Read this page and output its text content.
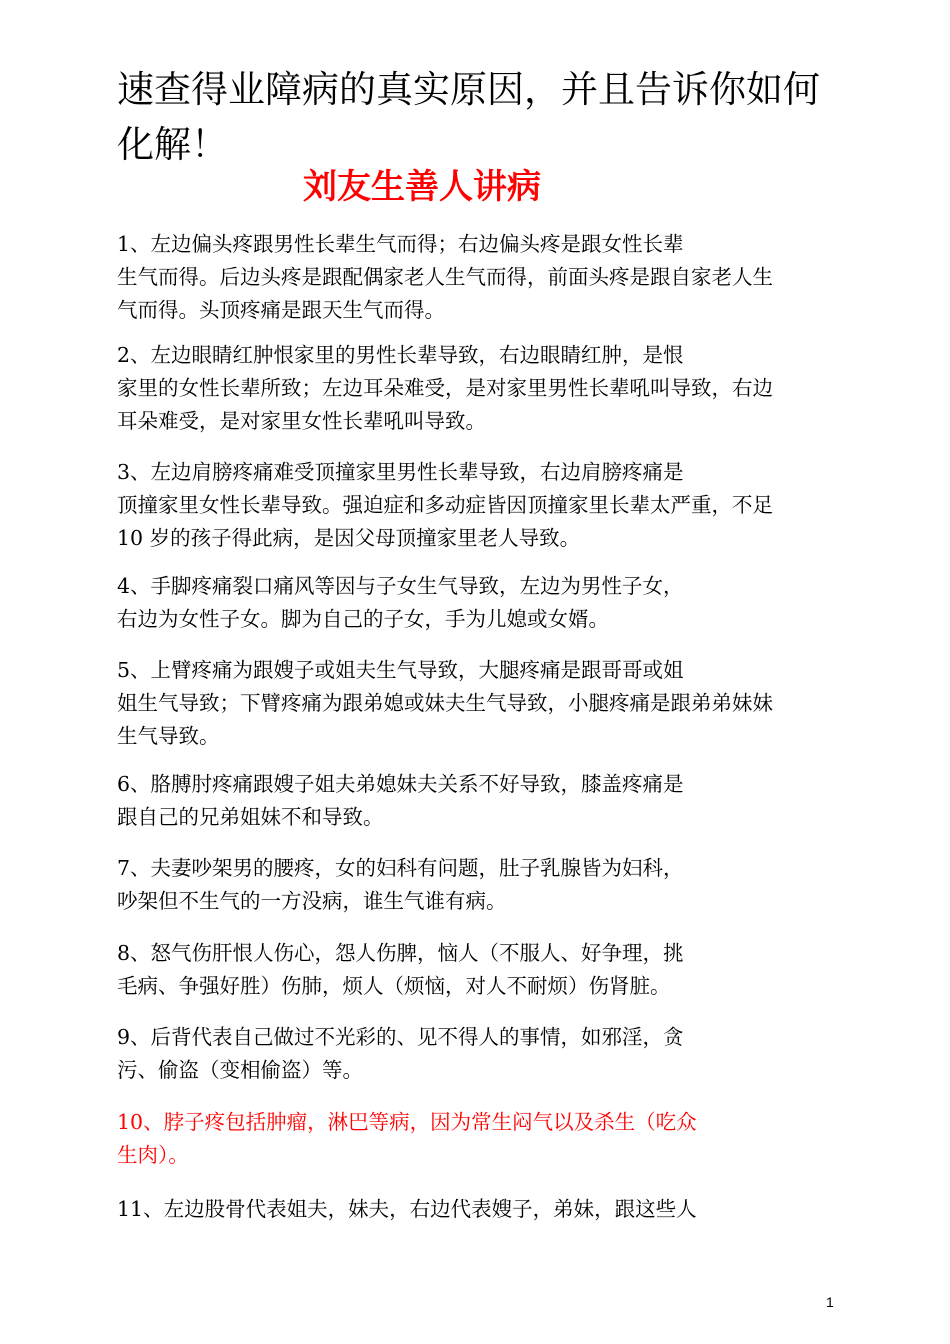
速查得业障病的真实原因，并且告诉你如何
化解！
刘友生善人讲病
1、左边偏头疼跟男性长辈生气而得；右边偏头疼是跟女性长辈
生气而得。后边头疼是跟配偶家老人生气而得，前面头疼是跟自家老人生
气而得。头顶疼痛是跟天生气而得。
2、左边眼睛红肿恨家里的男性长辈导致，右边眼睛红肿，是恨
家里的女性长辈所致；左边耳朵难受，是对家里男性长辈吼叫导致，右边
耳朵难受，是对家里女性长辈吼叫导致。
3、左边肩膀疼痛难受顶撞家里男性长辈导致，右边肩膀疼痛是
顶撞家里女性长辈导致。强迫症和多动症皆因顶撞家里长辈太严重，不足
10 岁的孩子得此病，是因父母顶撞家里老人导致。
4、手脚疼痛裂口痛风等因与子女生气导致，左边为男性子女，
右边为女性子女。脚为自己的子女，手为儿媳或女婿。
5、上臂疼痛为跟嫂子或姐夫生气导致，大腿疼痛是跟哥哥或姐
姐生气导致；下臂疼痛为跟弟媳或妹夫生气导致，小腿疼痛是跟弟弟妹妹
生气导致。
6、胳膊肘疼痛跟嫂子姐夫弟媳妹夫关系不好导致，膝盖疼痛是
跟自己的兄弟姐妹不和导致。
7、夫妻吵架男的腰疼，女的妇科有问题，肚子乳腺皆为妇科，
吵架但不生气的一方没病，谁生气谁有病。
8、怒气伤肝恨人伤心，怨人伤脾，恼人（不服人、好争理，挑
毛病、争强好胜）伤肺，烦人（烦恼，对人不耐烦）伤肾脏。
9、后背代表自己做过不光彩的、见不得人的事情，如邪淫，贪
污、偷盗（变相偷盗）等。
10、脖子疼包括肿瘤，淋巴等病，因为常生闷气以及杀生（吃众
生肉）。
11、左边股骨代表姐夫，妹夫，右边代表嫂子，弟妹，跟这些人
1
